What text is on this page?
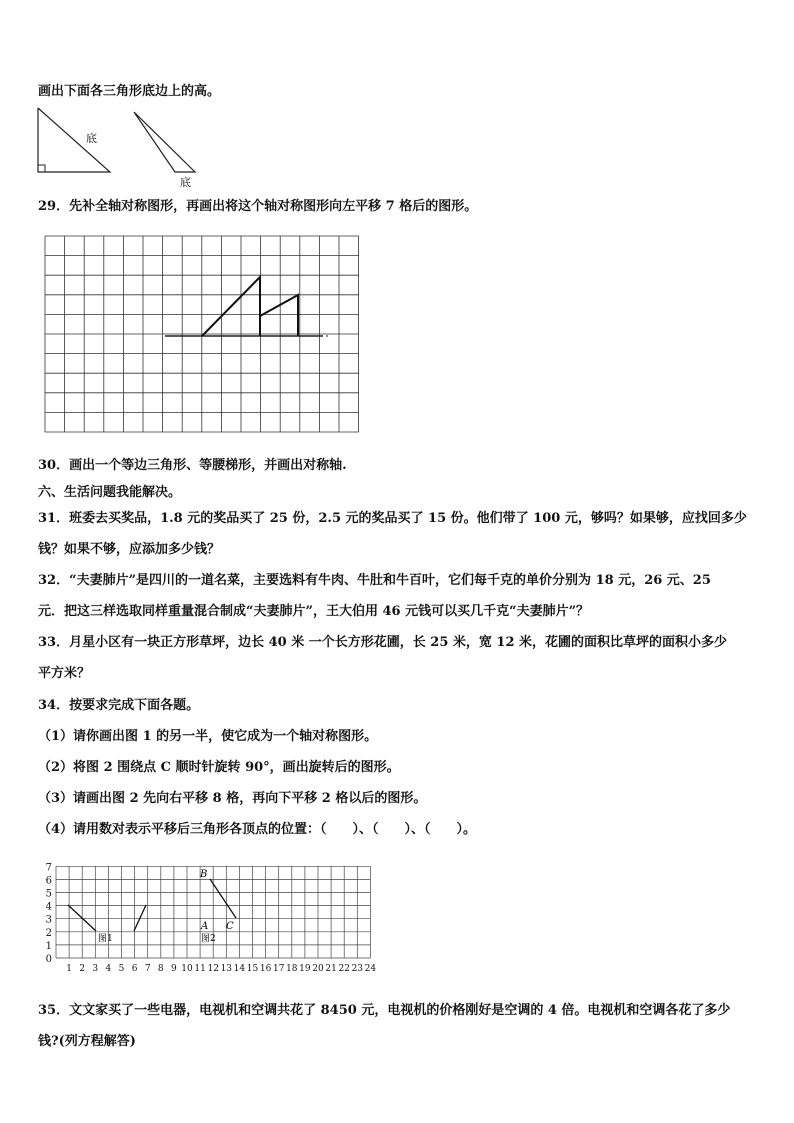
画出下面各三角形底边上的高。
底
底
29．先补全轴对称图形，再画出将这个轴对称图形向左平移 7 格后的图形。
30．画出一个等边三角形、等腰梯形，并画出对称轴.
六、生活问题我能解决。
31．班委去买奖品，1.8 元的奖品买了 25 份，2.5 元的奖品买了 15 份。他们带了 100 元，够吗？如果够，应找回多少
钱？如果不够，应添加多少钱？
32．“夫妻肺片”是四川的一道名菜，主要选料有牛肉、牛肚和牛百叶，它们每千克的单价分别为 18 元，26 元、25
元．把这三样选取同样重量混合制成“夫妻肺片”，王大伯用 46 元钱可以买几千克“夫妻肺片”？
33．月星小区有一块正方形草坪，边长 40 米 一个长方形花圃，长 25 米，宽 12 米，花圃的面积比草坪的面积小多少
平方米？
34．按要求完成下面各题。
（1）请你画出图 1 的另一半，使它成为一个轴对称图形。
（2）将图 2 围绕点 C 顺时针旋转 90°，画出旋转后的图形。
（3）请画出图 2 先向右平移 8 格，再向下平移 2 格以后的图形。
（4）请用数对表示平移后三角形各顶点的位置：（　　）、（　　）、（　　）。
0
1
2
3
4
5
6
7
1 2 3 4 5 6 7 8 9 10 11 12 13 14 15 16 17 18 19 20 21 22 23 24
图1	图2
A
B
C
35．文文家买了一些电器，电视机和空调共花了 8450 元，电视机的价格刚好是空调的 4 倍。电视机和空调各花了多少
钱?(列方程解答)
